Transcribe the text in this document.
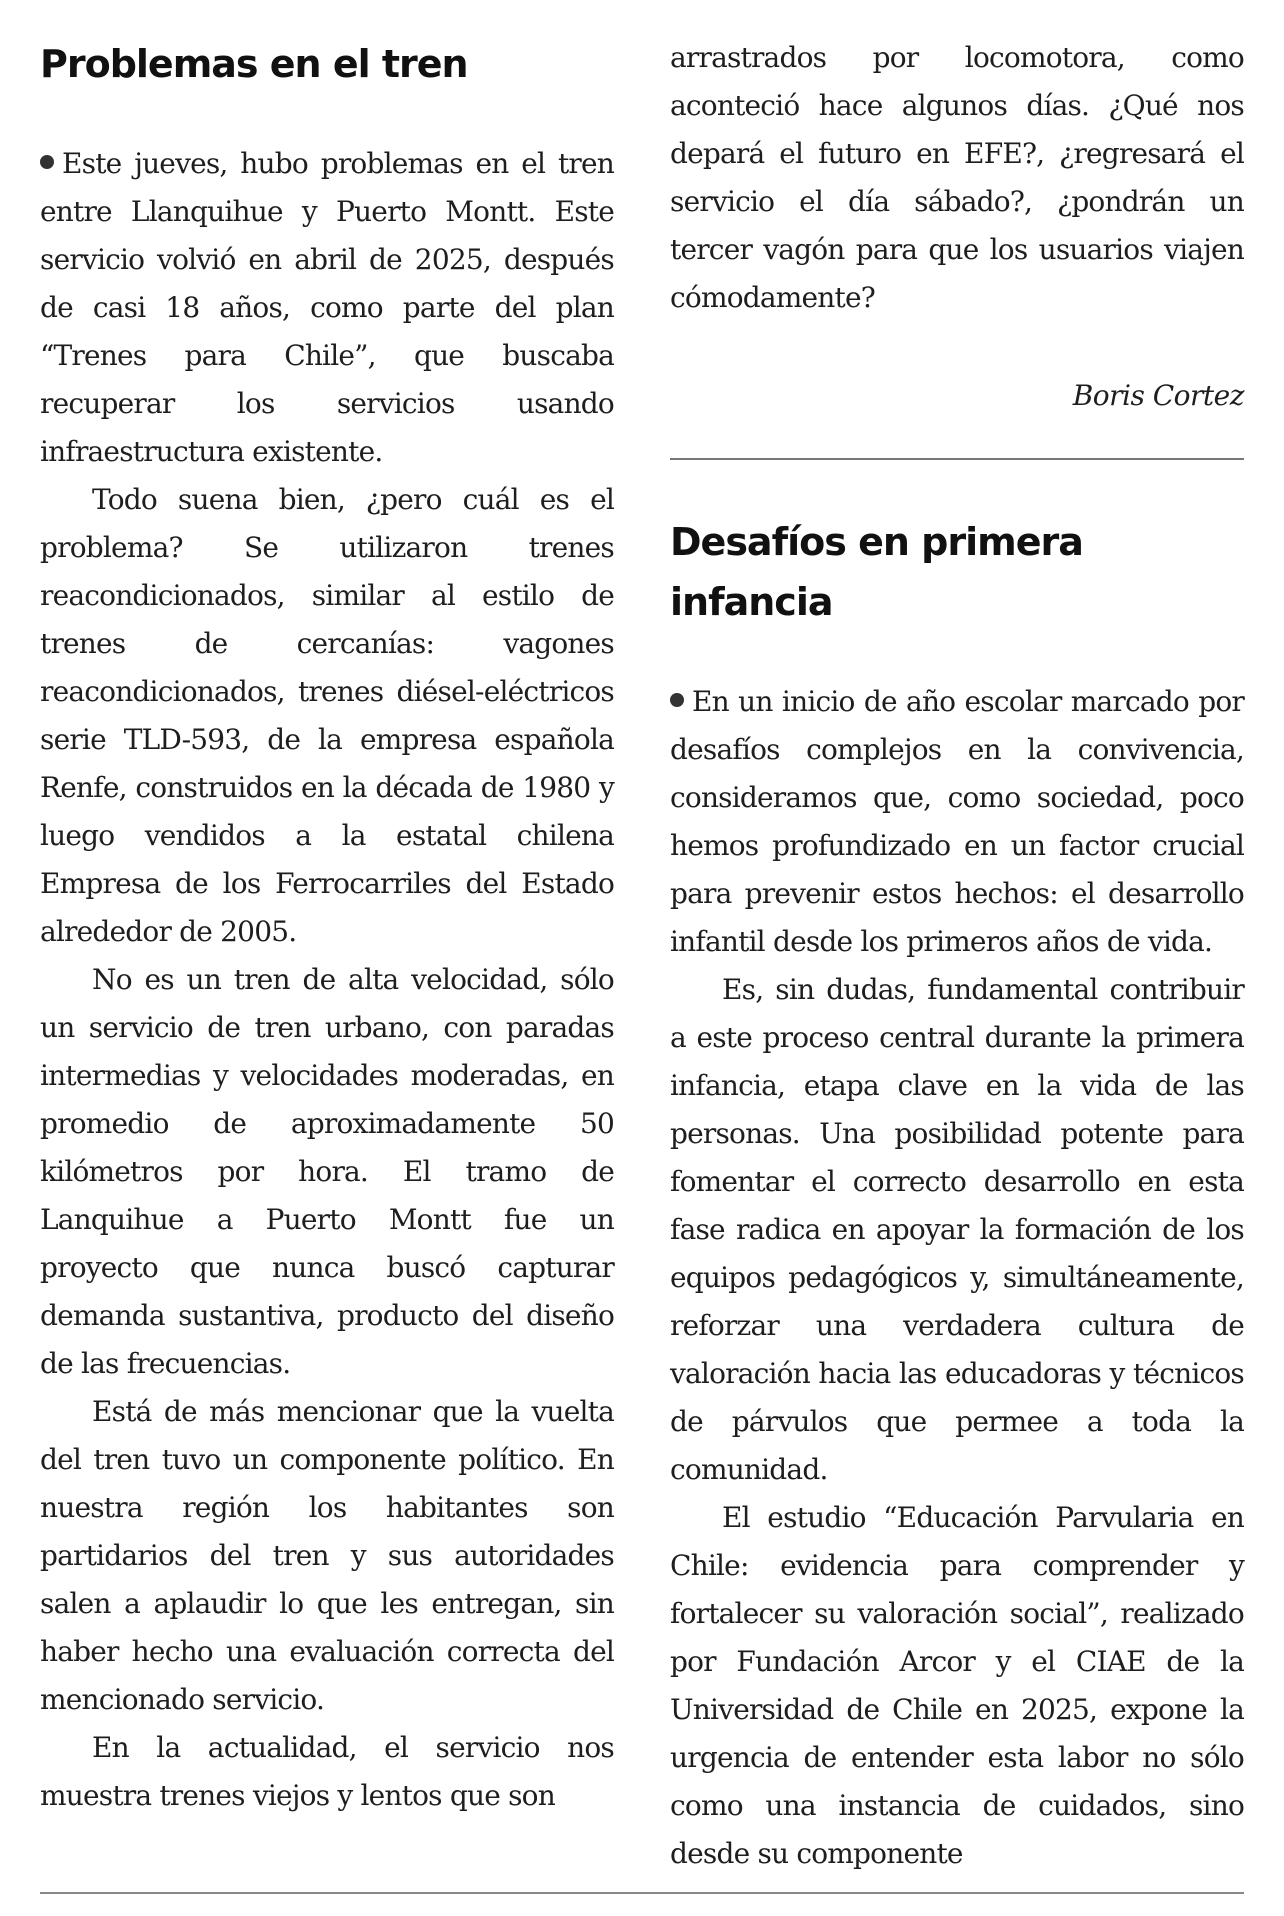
Problemas en el tren

Este jueves, hubo problemas en el tren entre Llanquihue y Puerto Montt. Este servicio volvió en abril de 2025, después de casi 18 años, como parte del plan “Trenes para Chile”, que buscaba recuperar los servicios usando infraestructura existente.

Todo suena bien, ¿pero cuál es el problema? Se utilizaron trenes reacondicionados, similar al estilo de trenes de cercanías: vagones reacondicionados, trenes diésel-eléctricos serie TLD-593, de la empresa española Renfe, construidos en la década de 1980 y luego vendidos a la estatal chilena Empresa de los Ferrocarriles del Estado alrededor de 2005.

No es un tren de alta velocidad, sólo un servicio de tren urbano, con paradas intermedias y velocidades moderadas, en promedio de aproximadamente 50 kilómetros por hora. El tramo de Lanquihue a Puerto Montt fue un proyecto que nunca buscó capturar demanda sustantiva, producto del diseño de las frecuencias.

Está de más mencionar que la vuelta del tren tuvo un componente político. En nuestra región los habitantes son partidarios del tren y sus autoridades salen a aplaudir lo que les entregan, sin haber hecho una evaluación correcta del mencionado servicio.

En la actualidad, el servicio nos muestra trenes viejos y lentos que son

arrastrados por locomotora, como aconteció hace algunos días. ¿Qué nos depará el futuro en EFE?, ¿regresará el servicio el día sábado?, ¿pondrán un tercer vagón para que los usuarios viajen cómodamente?

Boris Cortez
Desafíos en primera infancia

En un inicio de año escolar marcado por desafíos complejos en la convivencia, consideramos que, como sociedad, poco hemos profundizado en un factor crucial para prevenir estos hechos: el desarrollo infantil desde los primeros años de vida.

Es, sin dudas, fundamental contribuir a este proceso central durante la primera infancia, etapa clave en la vida de las personas. Una posibilidad potente para fomentar el correcto desarrollo en esta fase radica en apoyar la formación de los equipos pedagógicos y, simultáneamente, reforzar una verdadera cultura de valoración hacia las educadoras y técnicos de párvulos que permee a toda la comunidad.

El estudio “Educación Parvularia en Chile: evidencia para comprender y fortalecer su valoración social”, realizado por Fundación Arcor y el CIAE de la Universidad de Chile en 2025, expone la urgencia de entender esta labor no sólo como una instancia de cuidados, sino desde su componente
